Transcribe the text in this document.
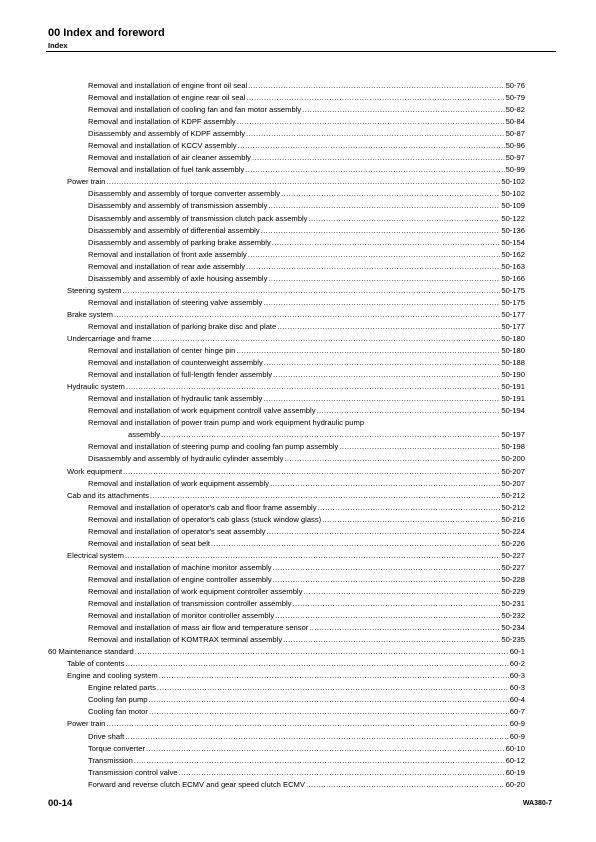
00 Index and foreword
Index
Removal and installation of engine front oil seal .....	50-76
Removal and installation of engine rear oil seal .....	50-79
Removal and installation of cooling fan and fan motor assembly .....	50-82
Removal and installation of KDPF assembly .....	50-84
Disassembly and assembly of KDPF assembly .....	50-87
Removal and installation of KCCV assembly .....	50-96
Removal and installation of air cleaner assembly .....	50-97
Removal and installation of fuel tank assembly .....	50-99
Power train .....	50-102
Disassembly and assembly of torque converter assembly .....	50-102
Disassembly and assembly of transmission assembly .....	50-109
Disassembly and assembly of transmission clutch pack assembly .....	50-122
Disassembly and assembly of differential assembly .....	50-136
Disassembly and assembly of parking brake assembly .....	50-154
Removal and installation of front axle assembly .....	50-162
Removal and installation of rear axle assembly .....	50-163
Disassembly and assembly of axle housing assembly .....	50-166
Steering system .....	50-175
Removal and installation of steering valve assembly .....	50-175
Brake system .....	50-177
Removal and installation of parking brake disc and plate .....	50-177
Undercarriage and frame .....	50-180
Removal and installation of center hinge pin .....	50-180
Removal and installation of counterweight assembly .....	50-188
Removal and installation of full-length fender assembly .....	50-190
Hydraulic system .....	50-191
Removal and installation of hydraulic tank assembly .....	50-191
Removal and installation of work equipment controll valve assembly .....	50-194
Removal and installation of power train pump and work equipment hydraulic pump
assembly .....	50-197
Removal and installation of steering pump and cooling fan pump assembly .....	50-198
Disassembly and assembly of hydraulic cylinder assembly .....	50-200
Work equipment .....	50-207
Removal and installation of work equipment assembly .....	50-207
Cab and its attachments .....	50-212
Removal and installation of operator's cab and floor frame assembly .....	50-212
Removal and installation of operator's cab glass (stuck window glass) .....	50-216
Removal and installation of operator's seat assembly .....	50-224
Removal and installation of seat belt .....	50-226
Electrical system .....	50-227
Removal and installation of machine monitor assembly .....	50-227
Removal and installation of engine controller assembly .....	50-228
Removal and installation of work equipment controller assembly .....	50-229
Removal and installation of transmission controller assembly .....	50-231
Removal and installation of monitor controller assembly .....	50-232
Removal and installation of mass air flow and temperature sensor .....	50-234
Removal and installation of KOMTRAX terminal assembly .....	50-235
60 Maintenance standard .....	60-1
Table of contents .....	60-2
Engine and cooling system .....	60-3
Engine related parts .....	60-3
Cooling fan pump .....	60-4
Cooling fan motor .....	60-7
Power train .....	60-9
Drive shaft .....	60-9
Torque converter .....	60-10
Transmission .....	60-12
Transmission control valve .....	60-19
Forward and reverse clutch ECMV and gear speed clutch ECMV .....	60-20
00-14	WA380-7
